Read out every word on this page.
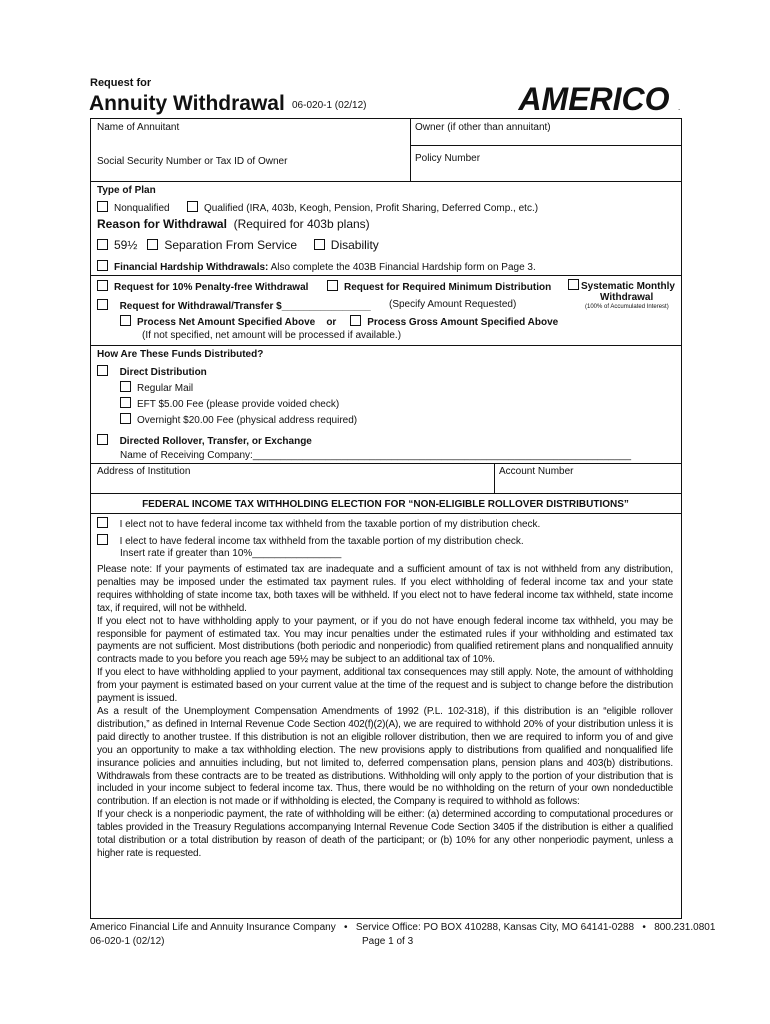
Request for
Annuity Withdrawal 06-020-1 (02/12)	AMERICO .
Name of Annuitant	Owner (if other than annuitant)
Social Security Number or Tax ID of Owner	Policy Number
Type of Plan
Nonqualified	Qualified (IRA, 403b, Keogh, Pension, Profit Sharing, Deferred Comp., etc.)
Reason for Withdrawal (Required for 403b plans)
59½ Separation From Service	Disability
Financial Hardship Withdrawals: Also complete the 403B Financial Hardship form on Page 3.
Request for 10% Penalty-free Withdrawal	Request for Required Minimum Distribution	Systematic Monthly
Withdrawal
(100% of Accumulated Interest)
Request for Withdrawal/Transfer $________________ (Specify Amount Requested)
Process Net Amount Specified Above or	Process Gross Amount Specified Above
(If not specified, net amount will be processed if available.)
How Are These Funds Distributed?
Direct Distribution
Regular Mail
EFT $5.00 Fee (please provide voided check)
Overnight $20.00 Fee (physical address required)
Directed Rollover, Transfer, or Exchange
Name of Receiving Company:____________________________________________________________________
Address of Institution	Account Number
FEDERAL INCOME TAX WITHHOLDING ELECTION FOR “NON-ELIGIBLE ROLLOVER DISTRIBUTIONS”
I elect not to have federal income tax withheld from the taxable portion of my distribution check.
I elect to have federal income tax withheld from the taxable portion of my distribution check.
Insert rate if greater than 10%________________

Please note: If your payments of estimated tax are inadequate and a sufficient amount of tax is not withheld from any distribution, penalties may be imposed under the estimated tax payment rules. If you elect withholding of federal income tax and your state requires withholding of state income tax, both taxes will be withheld. If you elect not to have federal income tax withheld, state income tax, if required, will not be withheld.

If you elect not to have withholding apply to your payment, or if you do not have enough federal income tax withheld, you may be responsible for payment of estimated tax. You may incur penalties under the estimated rules if your withholding and estimated tax payments are not sufficient. Most distributions (both periodic and nonperiodic) from qualified retirement plans and nonqualified annuity contracts made to you before you reach age 59½ may be subject to an additional tax of 10%.

If you elect to have withholding applied to your payment, additional tax consequences may still apply. Note, the amount of withholding from your payment is estimated based on your current value at the time of the request and is subject to change before the distribution payment is issued.

As a result of the Unemployment Compensation Amendments of 1992 (P.L. 102-318), if this distribution is an “eligible rollover distribution,” as defined in Internal Revenue Code Section 402(f)(2)(A), we are required to withhold 20% of your distribution unless it is paid directly to another trustee. If this distribution is not an eligible rollover distribution, then we are required to inform you of and give you an opportunity to make a tax withholding election. The new provisions apply to distributions from qualified and nonqualified life insurance policies and annuities including, but not limited to, deferred compensation plans, pension plans and 403(b) distributions. Withdrawals from these contracts are to be treated as distributions. Withholding will only apply to the portion of your distribution that is included in your income subject to federal income tax. Thus, there would be no withholding on the return of your own nondeductible contribution. If an election is not made or if withholding is elected, the Company is required to withhold as follows:

If your check is a nonperiodic payment, the rate of withholding will be either: (a) determined according to computational procedures or tables provided in the Treasury Regulations accompanying Internal Revenue Code Section 3405 if the distribution is either a qualified total distribution or a total distribution by reason of death of the participant; or (b) 10% for any other nonperiodic payment, unless a higher rate is requested.

Americo Financial Life and Annuity Insurance Company • Service Office: PO BOX 410288, Kansas City, MO 64141-0288 • 800.231.0801
06-020-1 (02/12)	Page 1 of 3
